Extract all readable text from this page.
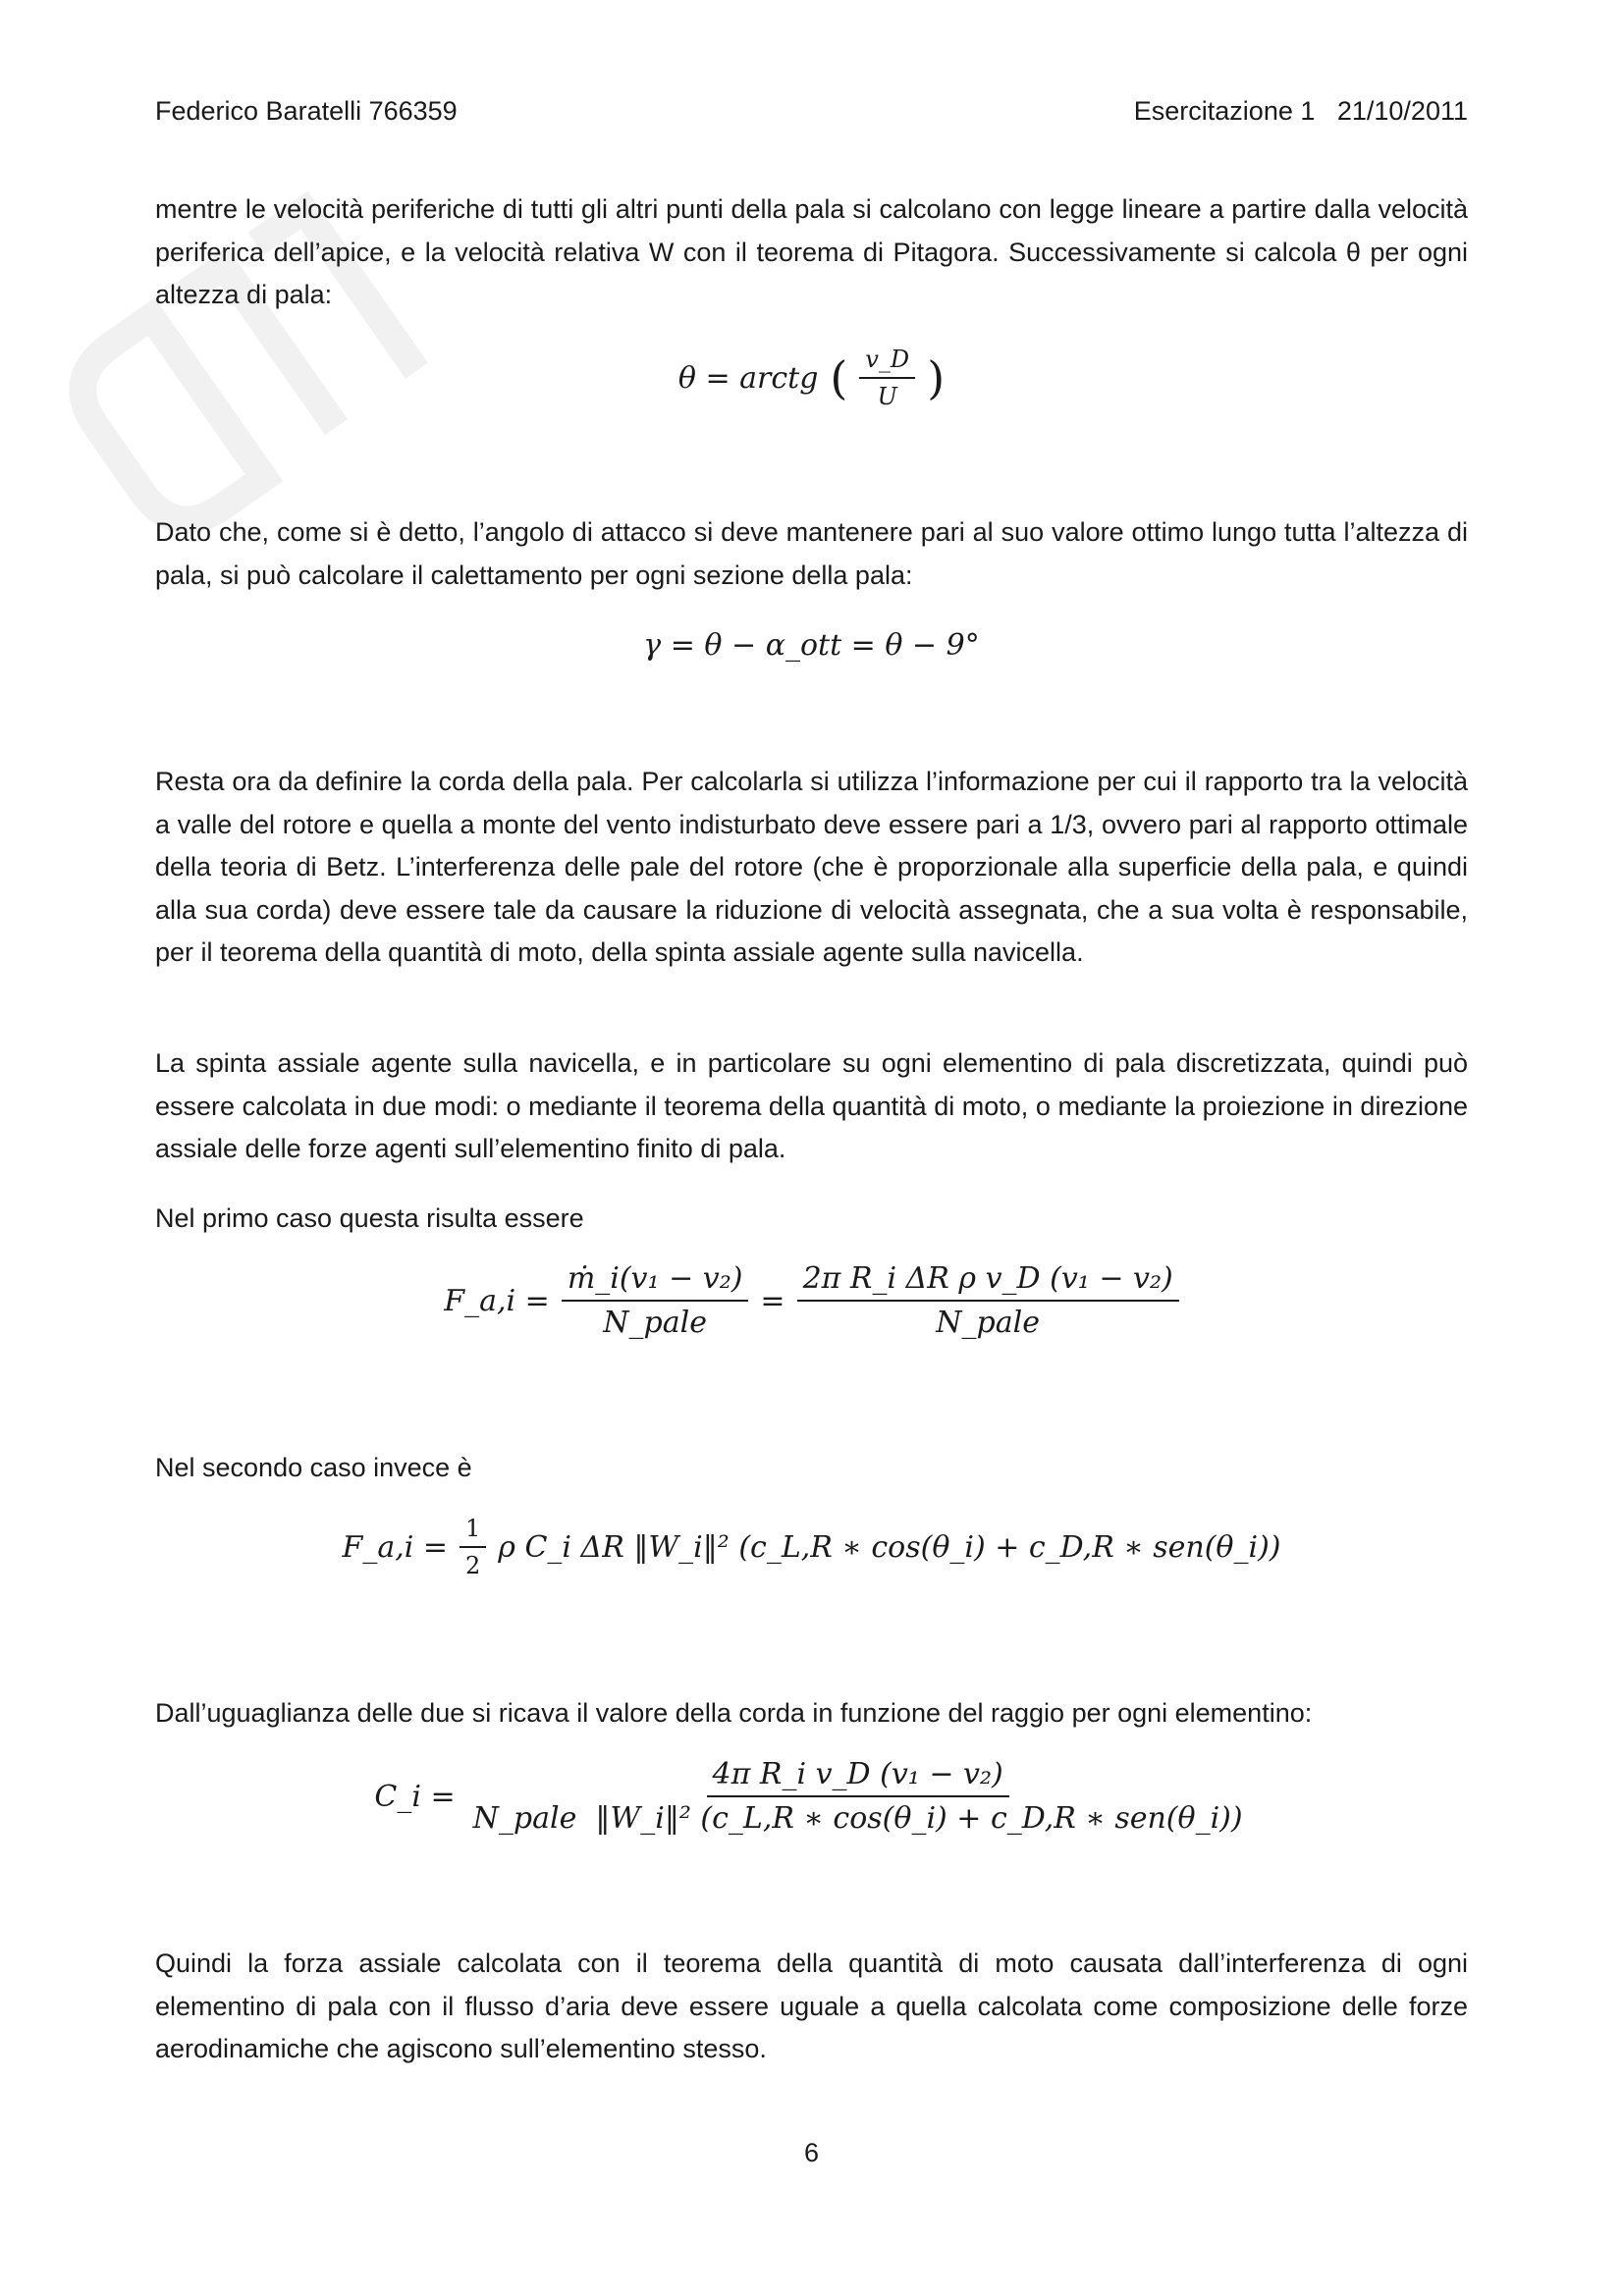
Federico Baratelli 766359	Esercitazione 1   21/10/2011
mentre le velocità periferiche di tutti gli altri punti della pala si calcolano con legge lineare a partire dalla velocità periferica dell’apice, e la velocità relativa W con il teorema di Pitagora. Successivamente si calcola θ per ogni altezza di pala:
θ = arctg ( $\frac{v\_D}{U}$ )
Dato che, come si è detto, l’angolo di attacco si deve mantenere pari al suo valore ottimo lungo tutta l’altezza di pala, si può calcolare il calettamento per ogni sezione della pala:
γ = θ − α_ott = θ − 9°
Resta ora da definire la corda della pala. Per calcolarla si utilizza l’informazione per cui il rapporto tra la velocità a valle del rotore e quella a monte del vento indisturbato deve essere pari a 1/3, ovvero pari al rapporto ottimale della teoria di Betz. L’interferenza delle pale del rotore (che è proporzionale alla superficie della pala, e quindi alla sua corda) deve essere tale da causare la riduzione di velocità assegnata, che a sua volta è responsabile, per il teorema della quantità di moto, della spinta assiale agente sulla navicella.
La spinta assiale agente sulla navicella, e in particolare su ogni elementino di pala discretizzata, quindi può essere calcolata in due modi: o mediante il teorema della quantità di moto, o mediante la proiezione in direzione assiale delle forze agenti sull’elementino finito di pala.
Nel primo caso questa risulta essere
F_a,i = $\frac{\text{ṁ\_i(v₁ − v₂)}}{\text{N\_pale}} = \frac{\text{2π R\_i ΔR ρ v\_D (v₁ − v₂)}}{\text{N\_pale}}$
Nel secondo caso invece è
F_a,i = $\frac{1}{2}$ ρ C_i ΔR ‖W_i‖² (c_L,R ∗ cos(θ_i) + c_D,R ∗ sen(θ_i))
Dall’uguaglianza delle due si ricava il valore della corda in funzione del raggio per ogni elementino:
C_i = $\frac{\text{4π R\_i v\_D (v₁ − v₂)}}{\text{N\_pale  ‖W\_i‖² (c\_L,R ∗ cos(θ\_i) + c\_D,R ∗ sen(θ\_i))}}$
Quindi la forza assiale calcolata con il teorema della quantità di moto causata dall’interferenza di ogni elementino di pala con il flusso d’aria deve essere uguale a quella calcolata come composizione delle forze aerodinamiche che agiscono sull’elementino stesso.
6
